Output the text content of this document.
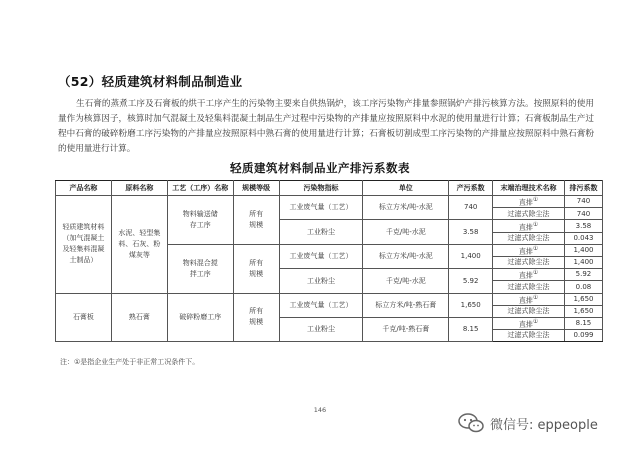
（52）轻质建筑材料制品制造业
生石膏的蒸煮工序及石膏板的烘干工序产生的污染物主要来自供热锅炉，该工序污染物产排量参照锅炉产排污核算方法。按照原料的使用量作为核算因子，核算时加气混凝土及轻集料混凝土制品生产过程中污染物的产排量应按照原料中水泥的使用量进行计算；石膏板制品生产过程中石膏的破碎粉磨工序污染物的产排量应按照原料中熟石膏的使用量进行计算；石膏板切割成型工序污染物的产排量应按照原料中熟石膏粉的使用量进行计算。
轻质建筑材料制品业产排污系数表
产品名称	原料名称	工艺（工序）名称	规模等级	污染物指标	单位	产污系数	末端治理技术名称	排污系数
轻质建筑材料（加气混凝土及轻集料混凝土制品）	水泥、轻型集料、石灰、粉煤灰等	物料输送储存工序	所有规模	工业废气量（工艺）	标立方米/吨-水泥	740	直排①	740
							过滤式除尘法	740
				工业粉尘	千克/吨-水泥	3.58	直排①	3.58
							过滤式除尘法	0.043
		物料混合搅拌工序	所有规模	工业废气量（工艺）	标立方米/吨-水泥	1,400	直排①	1,400
							过滤式除尘法	1,400
				工业粉尘	千克/吨-水泥	5.92	直排①	5.92
							过滤式除尘法	0.08
石膏板	熟石膏	破碎粉磨工序	所有规模	工业废气量（工艺）	标立方米/吨-熟石膏	1,650	直排①	1,650
							过滤式除尘法	1,650
				工业粉尘	千克/吨-熟石膏	8.15	直排①	8.15
							过滤式除尘法	0.099
注：①是指企业生产处于非正常工况条件下。
146
微信号: eppeople
